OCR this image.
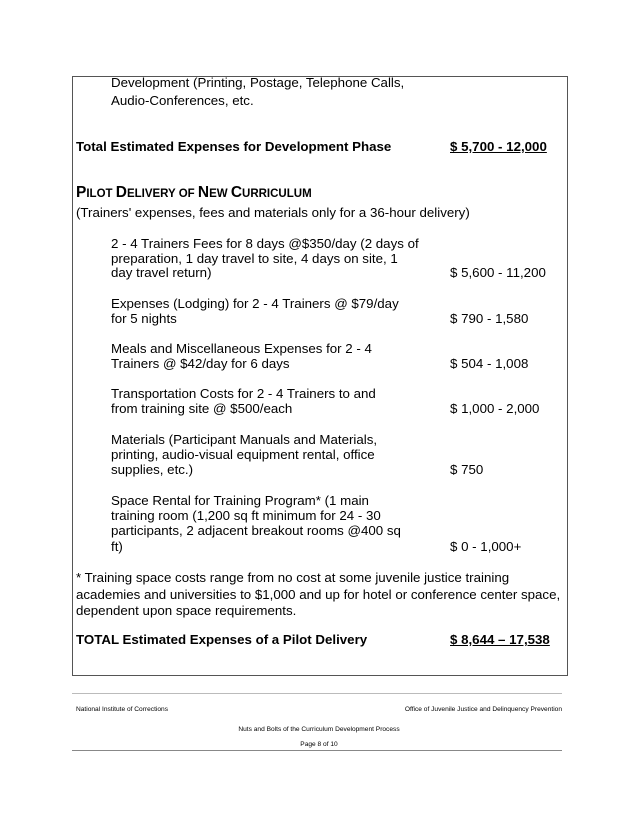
Development (Printing, Postage, Telephone Calls,
Audio-Conferences, etc.
Total Estimated Expenses for Development Phase	$ 5,700 - 12,000
PILOT DELIVERY OF NEW CURRICULUM
(Trainers' expenses, fees and materials only for a 36-hour delivery)
2 - 4 Trainers Fees for 8 days @$350/day (2 days of
preparation, 1 day travel to site, 4 days on site, 1
day travel return)	$ 5,600 - 11,200
Expenses (Lodging) for 2 - 4 Trainers @ $79/day
for 5 nights	$ 790 - 1,580
Meals and Miscellaneous Expenses for 2 - 4
Trainers @ $42/day for 6 days	$ 504 - 1,008
Transportation Costs for 2 - 4 Trainers to and
from training site @ $500/each	$ 1,000 - 2,000
Materials (Participant Manuals and Materials,
printing, audio-visual equipment rental, office
supplies, etc.)	$ 750
Space Rental for Training Program* (1 main
training room (1,200 sq ft minimum for 24 - 30
participants, 2 adjacent breakout rooms @400 sq
ft)	$ 0 - 1,000+
* Training space costs range from no cost at some juvenile justice training academies and universities to $1,000 and up for hotel or conference center space, dependent upon space requirements.
TOTAL Estimated Expenses of a Pilot Delivery	$ 8,644 – 17,538
National Institute of Corrections	Office of Juvenile Justice and Delinquency Prevention
Nuts and Bolts of the Curriculum Development Process
Page 8 of 10
